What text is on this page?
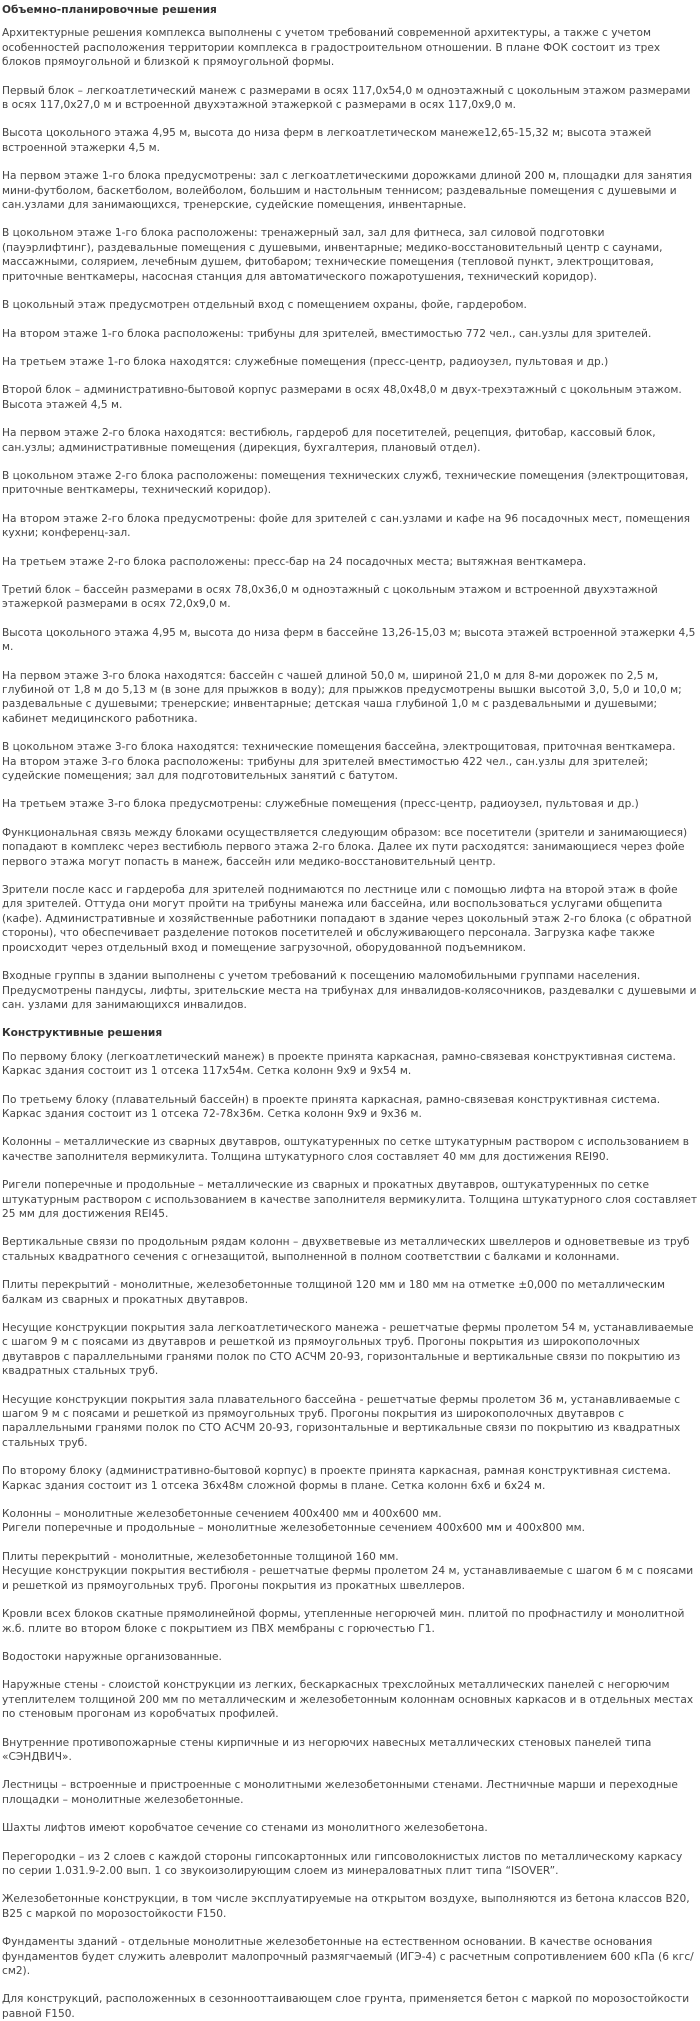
Объемно-планировочные решения
Архитектурные решения комплекса выполнены с учетом требований современной архитектуры, а также с учетом особенностей расположения территории комплекса в градостроительном отношении. В плане ФОК состоит из трех блоков прямоугольной и близкой к прямоугольной формы.
Первый блок – легкоатлетический манеж с размерами в осях 117,0х54,0 м одноэтажный с цокольным этажом размерами в осях 117,0х27,0 м и встроенной двухэтажной этажеркой с размерами в осях 117,0х9,0 м.
Высота цокольного этажа 4,95 м, высота до низа ферм в легкоатлетическом манеже12,65-15,32 м; высота этажей встроенной этажерки 4,5 м.
На первом этаже 1-го блока предусмотрены: зал с легкоатлетическими дорожками длиной 200 м, площадки для занятия мини-футболом, баскетболом, волейболом, большим и настольным теннисом; раздевальные помещения с душевыми и сан.узлами для занимающихся, тренерские, судейские помещения, инвентарные.
В цокольном этаже 1-го блока расположены: тренажерный зал, зал для фитнеса, зал силовой подготовки (пауэрлифтинг), раздевальные помещения с душевыми, инвентарные; медико-восстановительный центр с саунами, массажными, солярием, лечебным душем, фитобаром; технические помещения (тепловой пункт, электрощитовая, приточные венткамеры, насосная станция для автоматического пожаротушения, технический коридор).
В цокольный этаж предусмотрен отдельный вход с помещением охраны, фойе, гардеробом.
На втором этаже 1-го блока расположены: трибуны для зрителей, вместимостью 772 чел., сан.узлы для зрителей.
На третьем этаже 1-го блока находятся: служебные помещения (пресс-центр, радиоузел, пультовая и др.)
Второй блок – административно-бытовой корпус размерами в осях 48,0х48,0 м двух-трехэтажный с цокольным этажом. Высота этажей 4,5 м.
На первом этаже 2-го блока находятся: вестибюль, гардероб для посетителей, рецепция, фитобар, кассовый блок, сан.узлы; административные помещения (дирекция, бухгалтерия, плановый отдел).
В цокольном этаже 2-го блока расположены: помещения технических служб, технические помещения (электрощитовая, приточные венткамеры, технический коридор).
На втором этаже 2-го блока предусмотрены: фойе для зрителей с сан.узлами и кафе на 96 посадочных мест, помещения кухни; конференц-зал.
На третьем этаже 2-го блока расположены: пресс-бар на 24 посадочных места; вытяжная венткамера.
Третий блок – бассейн размерами в осях 78,0х36,0 м одноэтажный с цокольным этажом и встроенной двухэтажной этажеркой размерами в осях 72,0х9,0 м.
Высота цокольного этажа 4,95 м, высота до низа ферм в бассейне 13,26-15,03 м; высота этажей встроенной этажерки 4,5 м.
На первом этаже 3-го блока находятся: бассейн с чашей длиной 50,0 м, шириной 21,0 м для 8-ми дорожек по 2,5 м, глубиной от 1,8 м до 5,13 м (в зоне для прыжков в воду); для прыжков предусмотрены вышки высотой 3,0, 5,0 и 10,0 м; раздевальные с душевыми; тренерские; инвентарные; детская чаша глубиной 1,0 м с раздевальными и душевыми; кабинет медицинского работника.
В цокольном этаже 3-го блока находятся: технические помещения бассейна, электрощитовая, приточная венткамера.
На втором этаже 3-го блока расположены: трибуны для зрителей вместимостью 422 чел., сан.узлы для зрителей; судейские помещения; зал для подготовительных занятий с батутом.
На третьем этаже 3-го блока предусмотрены: служебные помещения (пресс-центр, радиоузел, пультовая и др.)
Функциональная связь между блоками осуществляется следующим образом: все посетители (зрители и занимающиеся) попадают в комплекс через вестибюль первого этажа 2-го блока. Далее их пути расходятся: занимающиеся через фойе первого этажа могут попасть в манеж, бассейн или медико-восстановительный центр.
Зрители после касс и гардероба для зрителей поднимаются по лестнице или с помощью лифта на второй этаж в фойе для зрителей. Оттуда они могут пройти на трибуны манежа или бассейна, или воспользоваться услугами общепита (кафе). Административные и хозяйственные работники попадают в здание через цокольный этаж 2-го блока (с обратной стороны), что обеспечивает разделение потоков посетителей и обслуживающего персонала. Загрузка кафе также происходит через отдельный вход и помещение загрузочной, оборудованной подъемником.
Входные группы в здании выполнены с учетом требований к посещению маломобильными группами населения. Предусмотрены пандусы, лифты, зрительские места на трибунах для инвалидов-колясочников, раздевалки с душевыми и сан. узлами для занимающихся инвалидов.
Конструктивные решения
По первому блоку (легкоатлетический манеж) в проекте принята каркасная, рамно-связевая конструктивная система. Каркас здания состоит из 1 отсека 117х54м. Сетка колонн 9х9 и 9х54 м.
По третьему блоку (плавательный бассейн) в проекте принята каркасная, рамно-связевая конструктивная система. Каркас здания состоит из 1 отсека 72-78х36м. Сетка колонн 9х9 и 9х36 м.
Колонны – металлические из сварных двутавров, оштукатуренных по сетке штукатурным раствором с использованием в качестве заполнителя вермикулита. Толщина штукатурного слоя составляет 40 мм для достижения REI90.
Ригели поперечные и продольные – металлические из сварных и прокатных двутавров, оштукатуренных по сетке штукатурным раствором с использованием в качестве заполнителя вермикулита. Толщина штукатурного слоя составляет 25 мм для достижения REI45.
Вертикальные связи по продольным рядам колонн – двухветвевые из металлических швеллеров и одноветвевые из труб стальных квадратного сечения с огнезащитой, выполненной в полном соответствии с балками и колоннами.
Плиты перекрытий - монолитные, железобетонные толщиной 120 мм и 180 мм на отметке ±0,000 по металлическим балкам из сварных и прокатных двутавров.
Несущие конструкции покрытия зала легкоатлетического манежа - решетчатые фермы пролетом 54 м, устанавливаемые с шагом 9 м с поясами из двутавров и решеткой из прямоугольных труб. Прогоны покрытия из широкополочных двутавров с параллельными гранями полок по СТО АСЧМ 20-93, горизонтальные и вертикальные связи по покрытию из квадратных стальных труб.
Несущие конструкции покрытия зала плавательного бассейна - решетчатые фермы пролетом 36 м, устанавливаемые с шагом 9 м с поясами и решеткой из прямоугольных труб. Прогоны покрытия из широкополочных двутавров с параллельными гранями полок по СТО АСЧМ 20-93, горизонтальные и вертикальные связи по покрытию из квадратных стальных труб.
По второму блоку (административно-бытовой корпус) в проекте принята каркасная, рамная конструктивная система. Каркас здания состоит из 1 отсека 36х48м сложной формы в плане. Сетка колонн 6х6 и 6х24 м.
Колонны – монолитные железобетонные сечением 400х400 мм и 400х600 мм.
Ригели поперечные и продольные – монолитные железобетонные сечением 400х600 мм и 400х800 мм.
Плиты перекрытий - монолитные, железобетонные толщиной 160 мм.
Несущие конструкции покрытия вестибюля - решетчатые фермы пролетом 24 м, устанавливаемые с шагом 6 м с поясами и решеткой из прямоугольных труб. Прогоны покрытия из прокатных швеллеров.
Кровли всех блоков скатные прямолинейной формы, утепленные негорючей мин. плитой по профнастилу и монолитной ж.б. плите во втором блоке с покрытием из ПВХ мембраны с горючестью Г1.
Водостоки наружные организованные.
Наружные стены - слоистой конструкции из легких, бескаркасных трехслойных металлических панелей с негорючим утеплителем толщиной 200 мм по металлическим и железобетонным колоннам основных каркасов и в отдельных местах по стеновым прогонам из коробчатых профилей.
Внутренние противопожарные стены кирпичные и из негорючих навесных металлических стеновых панелей типа «СЭНДВИЧ».
Лестницы – встроенные и пристроенные с монолитными железобетонными стенами. Лестничные марши и переходные площадки – монолитные железобетонные.
Шахты лифтов имеют коробчатое сечение со стенами из монолитного железобетона.
Перегородки – из 2 слоев с каждой стороны гипсокартонных или гипсоволокнистых листов по металлическому каркасу по серии 1.031.9-2.00 вып. 1 со звукоизолирующим слоем из минераловатных плит типа “ISOVER”.
Железобетонные конструкции, в том числе эксплуатируемые на открытом воздухе, выполняются из бетона классов В20, В25 с маркой по морозостойкости F150.
Фундаменты зданий - отдельные монолитные железобетонные на естественном основании. В качестве основания фундаментов будет служить алевролит малопрочный размягчаемый (ИГЭ-4) с расчетным сопротивлением 600 кПа (6 кгс/см2).
Для конструкций, расположенных в сезоннооттаивающем слое грунта, применяется бетон с маркой по морозостойкости равной F150.
